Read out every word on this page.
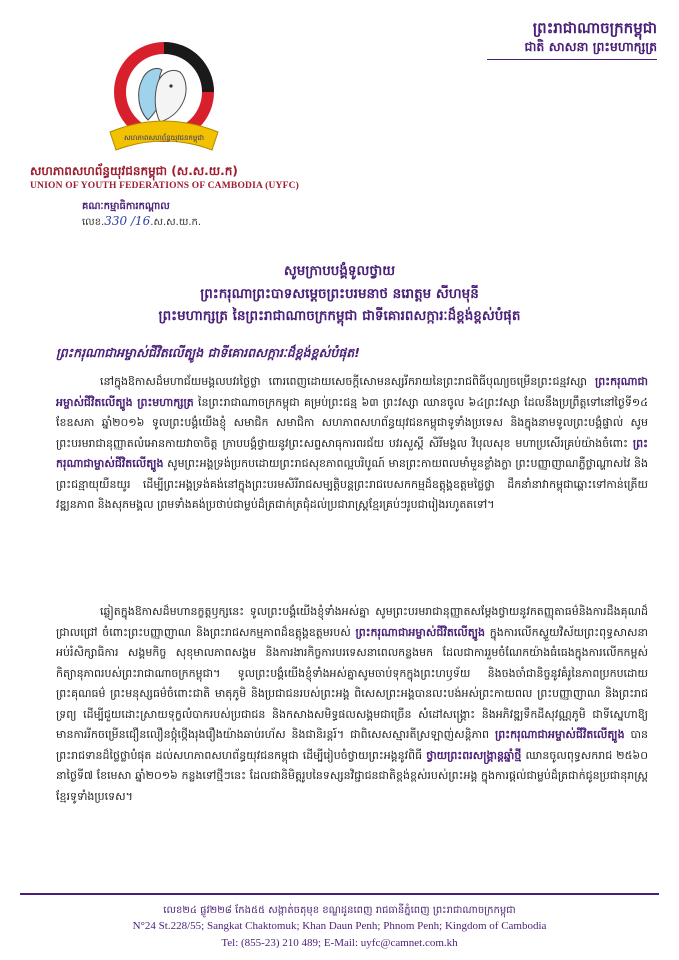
ព្រះរាជាណាចក្រកម្ពុជា
ជាតិ សាសនា ព្រះមហាក្សត្រ
សហភាពសហព័ន្ធយុវជនកម្ពុជា
សហភាពសហព័ន្ធយុវជនកម្ពុជា (ស.ស.យ.ក)
UNION OF YOUTH FEDERATIONS OF CAMBODIA (UYFC)
គណៈកម្មាធិការកណ្តាល
លេខ.330 /16.ស.ស.យ.ក.
សូមក្រាបបង្គំទូលថ្វាយ
ព្រះករុណាព្រះបាទសម្តេចព្រះបរមនាថ នរោត្តម សីហមុនី
ព្រះមហាក្សត្រ នៃព្រះរាជាណាចក្រកម្ពុជា ជាទីគោរពសក្ការៈដ៏ខ្ពង់ខ្ពស់បំផុត
ព្រះករុណាជាអម្ចាស់ជីវិតលើត្បូង ជាទីគោរពសក្ការៈដ៏ខ្ពង់ខ្ពស់បំផុត!
នៅក្នុងឱកាសដ៏មហាជ័យមង្គលបវរថ្ងៃថ្លា ពោរពេញដោយសេចក្តីសោមនស្សរីករាយនៃព្រះរាជពិធីបុណ្យចម្រើនព្រះជន្មវស្សា ព្រះករុណាជាអម្ចាស់ជីវិតលើត្បូង ព្រះមហាក្សត្រ នៃព្រះរាជាណាចក្រកម្ពុជា គម្រប់ព្រះជន្ម ៦៣ ព្រះវស្សា ឈានចូល ៦៤ព្រះវស្សា ដែលនឹងប្រព្រឹត្តទៅនៅថ្ងៃទី១៤ ខែឧសភា ឆ្នាំ២០១៦ ទូលព្រះបង្គំយើងខ្ញុំ សមាជិក សមាជិកា សហភាពសហព័ន្ធយុវជនកម្ពុជាទូទាំងប្រទេស និងក្នុងនាមទូលព្រះបង្គំផ្ទាល់ សូមព្រះបរមរាជានុញ្ញាតលំអោនកាយវាចាចិត្ត ក្រាបបង្គំថ្វាយនូវព្រះសព្ទសាធុការពរជ័យ បវរសួស្តី សិរីមង្គល វិបុលសុខ មហាប្រសើរគ្រប់យ៉ាងចំពោះ ព្រះករុណាជាម្ចាស់ជីវិតលើត្បូង សូមព្រះអង្គទ្រង់ប្រកបដោយព្រះរាជសុខភាពល្អបរិបូណ៍ មានព្រះកាយពលមាំមួនខ្លាំងក្លា ព្រះបញ្ញាញាណភ្លឺថ្លាណ្ហាសវៃ និងព្រះជន្មាយុយឺនយូរ ដើម្បីព្រះអង្គទ្រង់គង់នៅក្នុងព្រះបរមសិរីរាជសម្បត្តិបន្តព្រះរាជបេសកកម្មដ៏ឧត្តុង្គឧត្តមថ្លៃថ្លា ដឹកនាំនាវាកម្ពុជាឆ្ពោះទៅកាន់ត្រើយវឌ្ឍនភាព និងសុភមង្គល ព្រមទាំងគង់ប្រថាប់ជាម្លប់ដ៏ត្រជាក់ត្រជុំដល់ប្រជារាស្ត្រខ្មែរគ្រប់ៗរូបជារៀងរហូតតទៅ។
ឆ្លៀតក្នុងឱកាសដ៏មហានក្ខត្តឫក្សនេះ ទូលព្រះបង្គំយើងខ្ញុំទាំងអស់គ្នា សូមព្រះបរមរាជានុញ្ញាតសម្តែងថ្វាយនូវកតញ្ញុតាធម៌និងការដឹងគុណដ៏ជ្រាលជ្រៅ ចំពោះព្រះបញ្ញាញាណ និងព្រះរាជសកម្មភាពដ៏ឧត្តុង្គឧត្តមរបស់ ព្រះករុណាជាអម្ចាស់ជីវិតលើត្បូង ក្នុងការលើកស្ទួយវិស័យព្រះពុទ្ធសាសនា អប់រំសិក្សាធិការ សង្គមកិច្ច សុខុមាលភាពសង្គម និងការងារកិច្ចការបរទេសនាពេលកន្លងមក ដែលជាការរួមចំណែកយ៉ាងធំធេងក្នុងការលើកកម្ពស់កិត្យានុភាពរបស់ព្រះរាជាណាចក្រកម្ពុជា។ ទូលព្រះបង្គំយើងខ្ញុំទាំងអស់គ្នាសូមចាប់ទុកក្នុងព្រះហឫទ័យ និងចងចាំជានិច្ចនូវគំរូនៃភាពប្រកបដោយព្រះគុណធម៌ ព្រះមនុស្សធម៌ចំពោះជាតិ មាតុភូមិ និងប្រជាជនរបស់ព្រះអង្គ ពិសេសព្រះអង្គបានលះបង់អស់ព្រះកាយពល ព្រះបញ្ញាញាណ និងព្រះរាជទ្រព្យ ដើម្បីជួយដោះស្រាយទុក្ខលំបាករបស់ប្រជាជន និងកសាងសមិទ្ធផលសង្គមជាច្រើន សំដៅសង្គ្រោះ និងអភិវឌ្ឍទឹកដីសុវណ្ណភូមិ ជាទីស្នេហាឱ្យមានការរីកចម្រើនជឿនលឿនថ្កុំថ្កើងរុងរឿងយ៉ាងឆាប់រហ័ស និងជានិរន្តរ៍។ ជាពិសេសស្មារតីស្រឡាញ់សន្តិភាព ព្រះករុណាជាអម្ចាស់ជីវិតលើត្បូង បានព្រះរាជទានដ៏ថ្លៃថ្លាបំផុត ដល់សហភាពសហព័ន្ធយុវជនកម្ពុជា ដើម្បីរៀបចំថ្វាយព្រះអង្គនូវពិធី ថ្វាយព្រះពរសង្គ្រាន្តឆ្នាំថ្មី ឈានចូលពុទ្ធសករាជ ២៥៦០ នាថ្ងៃទី៧ ខែមេសា ឆ្នាំ២០១៦ កន្លងទៅថ្មីៗនេះ ដែលជានិមិត្តរូបនៃទស្សនវិជ្ជាជនជាតិខ្ពង់ខ្ពស់របស់ព្រះអង្គ ក្នុងការផ្តល់ជាម្លប់ដ៏ត្រជាក់ជូនប្រជានុរាស្ត្រខ្មែរទូទាំងប្រទេស។
លេខ២៤ ផ្លូវ២២៨ កែង៥៥ សង្កាត់ចតុមុខ ខណ្ឌដូនពេញ រាជធានីភ្នំពេញ ព្រះរាជាណាចក្រកម្ពុជា
N°24 St.228/55; Sangkat Chaktomuk; Khan Daun Penh; Phnom Penh; Kingdom of Cambodia
Tel: (855-23) 210 489; E-Mail: uyfc@camnet.com.kh
